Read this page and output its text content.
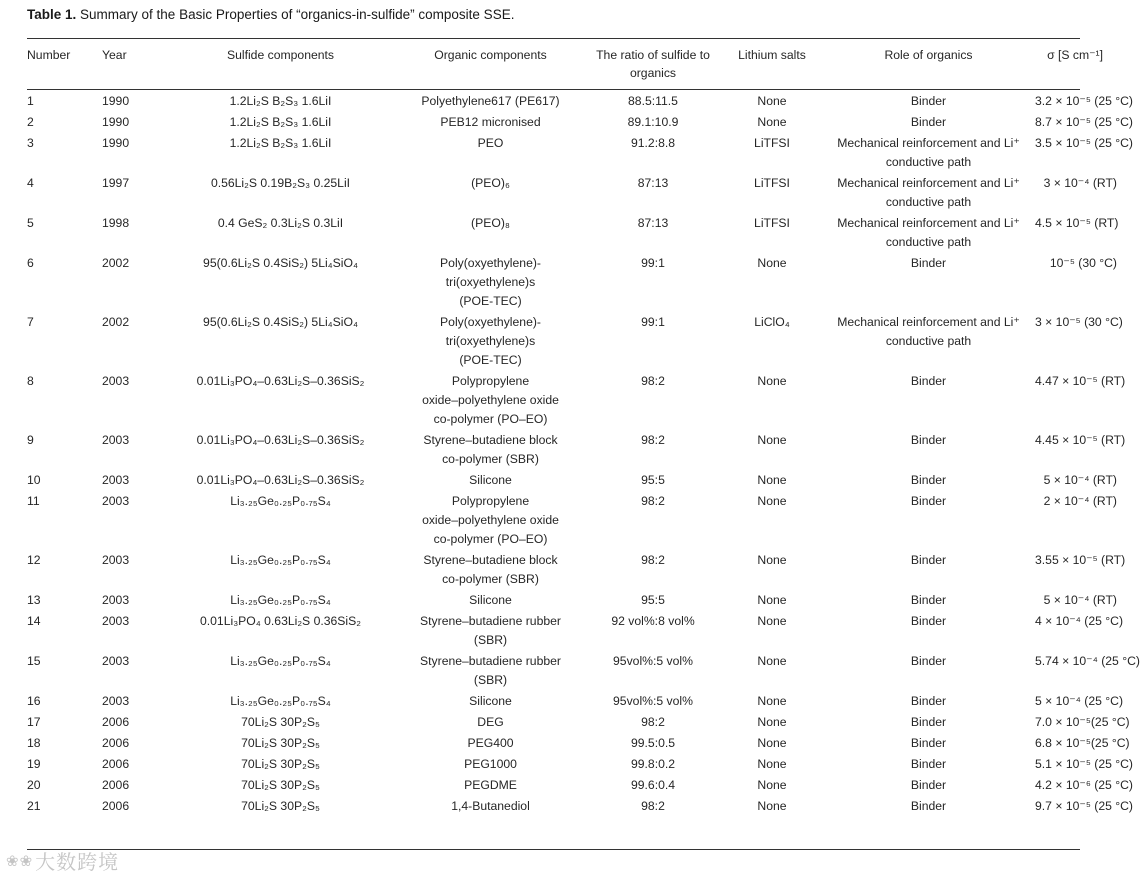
Table 1. Summary of the Basic Properties of “organics-in-sulfide” composite SSE.
Number	Year	Sulfide components	Organic components	The ratio of sulfide to organics	Lithium salts	Role of organics	σ [S cm⁻¹]
1	1990	1.2Li₂S B₂S₃ 1.6LiI	Polyethylene617 (PE617)	88.5:11.5	None	Binder	3.2 × 10⁻⁵ (25 °C)
2	1990	1.2Li₂S B₂S₃ 1.6LiI	PEB12 micronised	89.1:10.9	None	Binder	8.7 × 10⁻⁵ (25 °C)
3	1990	1.2Li₂S B₂S₃ 1.6LiI	PEO	91.2:8.8	LiTFSI	Mechanical reinforcement and Li⁺
conductive path	3.5 × 10⁻⁵ (25 °C)
4	1997	0.56Li₂S 0.19B₂S₃ 0.25LiI	(PEO)₆	87:13	LiTFSI	Mechanical reinforcement and Li⁺
conductive path	3 × 10⁻⁴ (RT)
5	1998	0.4 GeS₂ 0.3Li₂S 0.3LiI	(PEO)₈	87:13	LiTFSI	Mechanical reinforcement and Li⁺
conductive path	4.5 × 10⁻⁵ (RT)
6	2002	95(0.6Li₂S 0.4SiS₂) 5Li₄SiO₄	Poly(oxyethylene)-
tri(oxyethylene)s
(POE-TEC)	99:1	None	Binder	10⁻⁵ (30 °C)
7	2002	95(0.6Li₂S 0.4SiS₂) 5Li₄SiO₄	Poly(oxyethylene)-
tri(oxyethylene)s
(POE-TEC)	99:1	LiClO₄	Mechanical reinforcement and Li⁺
conductive path	3 × 10⁻⁵ (30 °C)
8	2003	0.01Li₃PO₄–0.63Li₂S–0.36SiS₂	Polypropylene
oxide–polyethylene oxide
co-polymer (PO–EO)	98:2	None	Binder	4.47 × 10⁻⁵ (RT)
9	2003	0.01Li₃PO₄–0.63Li₂S–0.36SiS₂	Styrene–butadiene block
co-polymer (SBR)	98:2	None	Binder	4.45 × 10⁻⁵ (RT)
10	2003	0.01Li₃PO₄–0.63Li₂S–0.36SiS₂	Silicone	95:5	None	Binder	5 × 10⁻⁴ (RT)
11	2003	Li₃.₂₅Ge₀.₂₅P₀.₇₅S₄	Polypropylene
oxide–polyethylene oxide
co-polymer (PO–EO)	98:2	None	Binder	2 × 10⁻⁴ (RT)
12	2003	Li₃.₂₅Ge₀.₂₅P₀.₇₅S₄	Styrene–butadiene block
co-polymer (SBR)	98:2	None	Binder	3.55 × 10⁻⁵ (RT)
13	2003	Li₃.₂₅Ge₀.₂₅P₀.₇₅S₄	Silicone	95:5	None	Binder	5 × 10⁻⁴ (RT)
14	2003	0.01Li₃PO₄ 0.63Li₂S 0.36SiS₂	Styrene–butadiene rubber
(SBR)	92 vol%:8 vol%	None	Binder	4 × 10⁻⁴ (25 °C)
15	2003	Li₃.₂₅Ge₀.₂₅P₀.₇₅S₄	Styrene–butadiene rubber
(SBR)	95vol%:5 vol%	None	Binder	5.74 × 10⁻⁴ (25 °C)
16	2003	Li₃.₂₅Ge₀.₂₅P₀.₇₅S₄	Silicone	95vol%:5 vol%	None	Binder	5 × 10⁻⁴ (25 °C)
17	2006	70Li₂S 30P₂S₅	DEG	98:2	None	Binder	7.0 × 10⁻⁵(25 °C)
18	2006	70Li₂S 30P₂S₅	PEG400	99.5:0.5	None	Binder	6.8 × 10⁻⁵(25 °C)
19	2006	70Li₂S 30P₂S₅	PEG1000	99.8:0.2	None	Binder	5.1 × 10⁻⁵ (25 °C)
20	2006	70Li₂S 30P₂S₅	PEGDME	99.6:0.4	None	Binder	4.2 × 10⁻⁶ (25 °C)
21	2006	70Li₂S 30P₂S₅	1,4-Butanediol	98:2	None	Binder	9.7 × 10⁻⁵ (25 °C)
❀❀ 大数跨境
